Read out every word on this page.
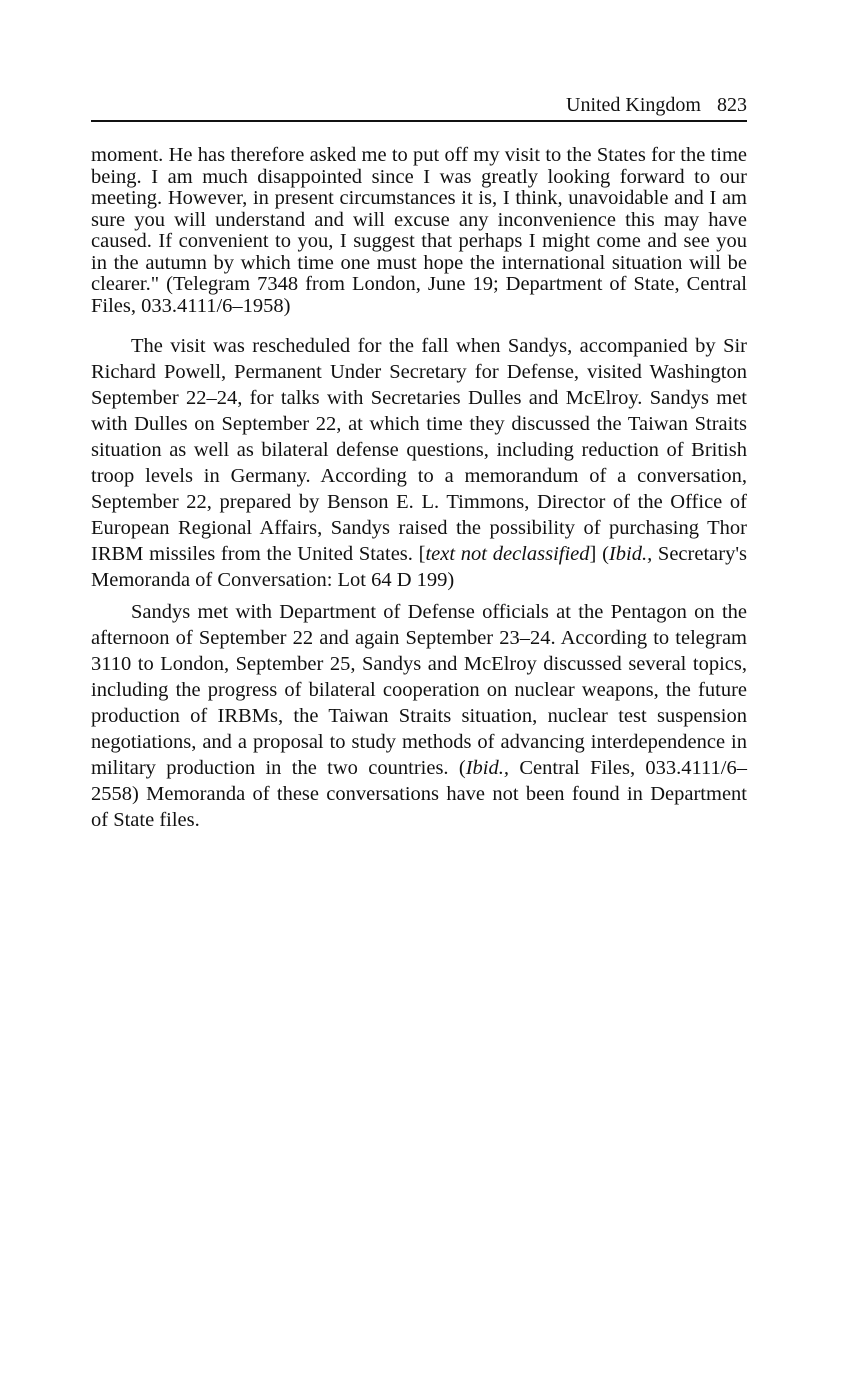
United Kingdom 823

moment. He has therefore asked me to put off my visit to the States for the time being. I am much disappointed since I was greatly looking forward to our meeting. However, in present circumstances it is, I think, unavoidable and I am sure you will understand and will excuse any inconvenience this may have caused. If convenient to you, I suggest that perhaps I might come and see you in the autumn by which time one must hope the international situation will be clearer." (Telegram 7348 from London, June 19; Department of State, Central Files, 033.4111/6–1958)

The visit was rescheduled for the fall when Sandys, accompanied by Sir Richard Powell, Permanent Under Secretary for Defense, visited Washington September 22–24, for talks with Secretaries Dulles and McElroy. Sandys met with Dulles on September 22, at which time they discussed the Taiwan Straits situation as well as bilateral defense questions, including reduction of British troop levels in Germany. According to a memorandum of a conversation, September 22, prepared by Benson E. L. Timmons, Director of the Office of European Regional Affairs, Sandys raised the possibility of purchasing Thor IRBM missiles from the United States. [text not declassified] (Ibid., Secretary's Memoranda of Conversation: Lot 64 D 199)

Sandys met with Department of Defense officials at the Pentagon on the afternoon of September 22 and again September 23–24. According to telegram 3110 to London, September 25, Sandys and McElroy discussed several topics, including the progress of bilateral cooperation on nuclear weapons, the future production of IRBMs, the Taiwan Straits situation, nuclear test suspension negotiations, and a proposal to study methods of advancing interdependence in military production in the two countries. (Ibid., Central Files, 033.4111/6–2558) Memoranda of these conversations have not been found in Department of State files.
